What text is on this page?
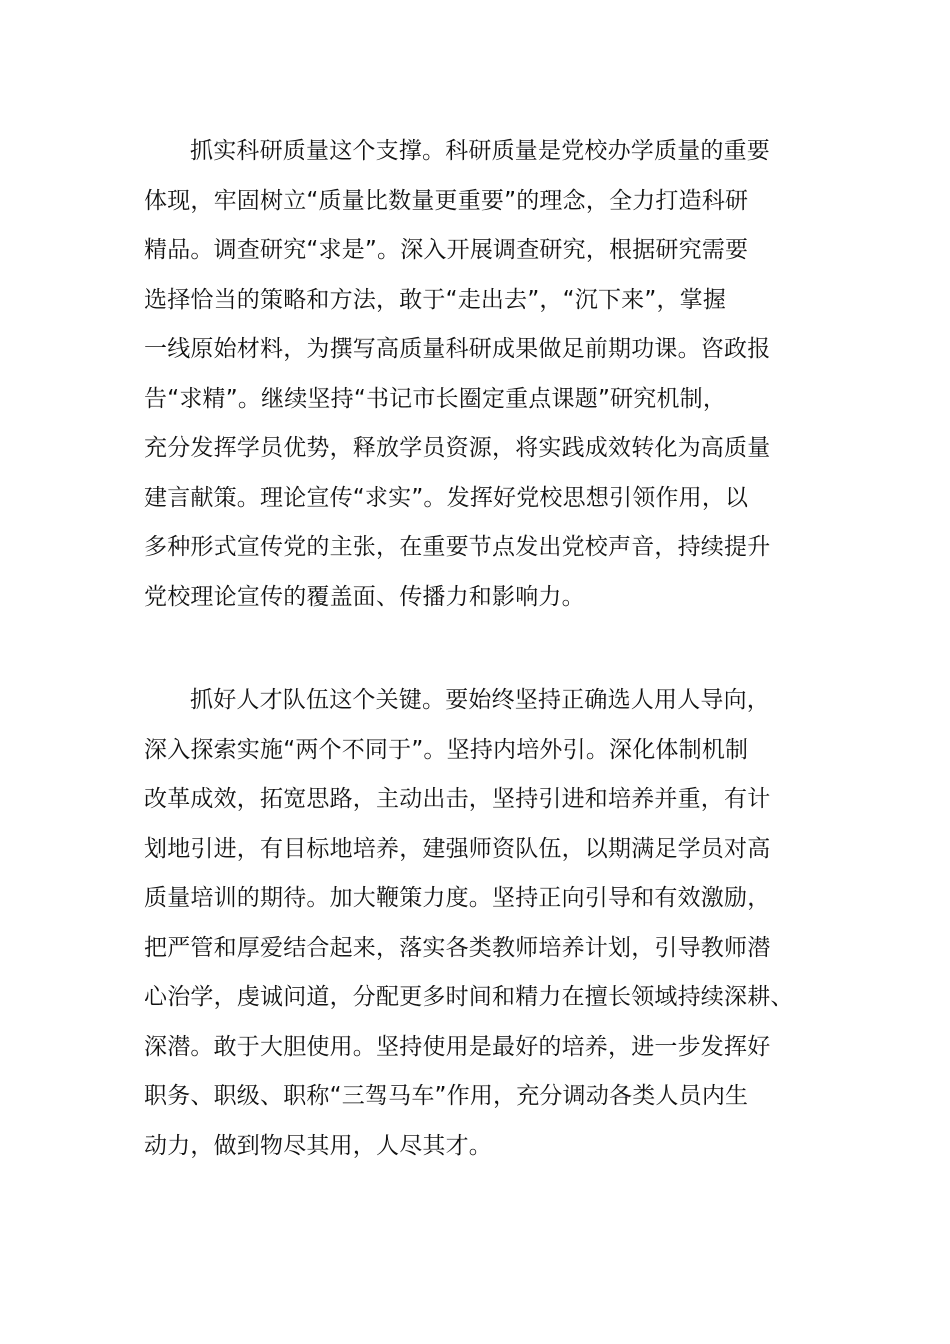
抓实科研质量这个支撑。科研质量是党校办学质量的重要
体现，牢固树立“质量比数量更重要”的理念，全力打造科研
精品。调查研究“求是”。深入开展调查研究，根据研究需要
选择恰当的策略和方法，敢于“走出去”，“沉下来”，掌握
一线原始材料，为撰写高质量科研成果做足前期功课。咨政报
告“求精”。继续坚持“书记市长圈定重点课题”研究机制，
充分发挥学员优势，释放学员资源，将实践成效转化为高质量
建言献策。理论宣传“求实”。发挥好党校思想引领作用，以
多种形式宣传党的主张，在重要节点发出党校声音，持续提升
党校理论宣传的覆盖面、传播力和影响力。

抓好人才队伍这个关键。要始终坚持正确选人用人导向，
深入探索实施“两个不同于”。坚持内培外引。深化体制机制
改革成效，拓宽思路，主动出击，坚持引进和培养并重，有计
划地引进，有目标地培养，建强师资队伍，以期满足学员对高
质量培训的期待。加大鞭策力度。坚持正向引导和有效激励，
把严管和厚爱结合起来，落实各类教师培养计划，引导教师潜
心治学，虔诚问道，分配更多时间和精力在擅长领域持续深耕、
深潜。敢于大胆使用。坚持使用是最好的培养，进一步发挥好
职务、职级、职称“三驾马车”作用，充分调动各类人员内生
动力，做到物尽其用，人尽其才。
